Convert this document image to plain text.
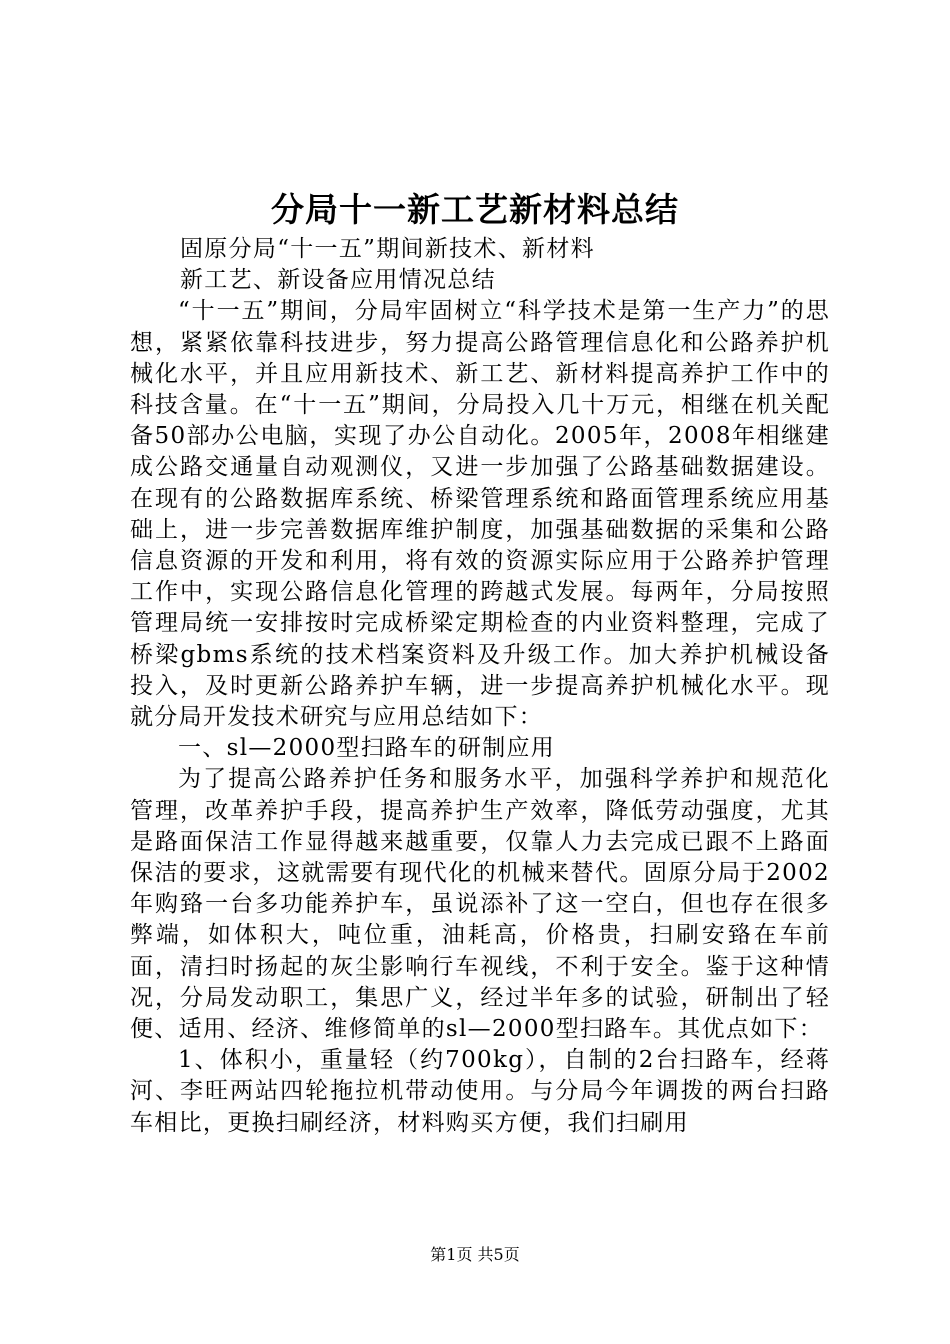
分局十一新工艺新材料总结

固原分局“十一五”期间新技术、新材料

新工艺、新设备应用情况总结

“十一五”期间，分局牢固树立“科学技术是第一生产力”的思想，紧紧依靠科技进步，努力提高公路管理信息化和公路养护机械化水平，并且应用新技术、新工艺、新材料提高养护工作中的科技含量。在“十一五”期间，分局投入几十万元，相继在机关配备50部办公电脑，实现了办公自动化。2005年，2008年相继建成公路交通量自动观测仪，又进一步加强了公路基础数据建设。在现有的公路数据库系统、桥梁管理系统和路面管理系统应用基础上，进一步完善数据库维护制度，加强基础数据的采集和公路信息资源的开发和利用，将有效的资源实际应用于公路养护管理工作中，实现公路信息化管理的跨越式发展。每两年，分局按照管理局统一安排按时完成桥梁定期检查的内业资料整理，完成了桥梁gbms系统的技术档案资料及升级工作。加大养护机械设备投入，及时更新公路养护车辆，进一步提高养护机械化水平。现就分局开发技术研究与应用总结如下：

一、sl—2000型扫路车的研制应用

为了提高公路养护任务和服务水平，加强科学养护和规范化管理，改革养护手段，提高养护生产效率，降低劳动强度，尤其是路面保洁工作显得越来越重要，仅靠人力去完成已跟不上路面保洁的要求，这就需要有现代化的机械来替代。固原分局于2002年购臵一台多功能养护车，虽说添补了这一空白，但也存在很多弊端，如体积大，吨位重，油耗高，价格贵，扫刷安臵在车前面，清扫时扬起的灰尘影响行车视线，不利于安全。鉴于这种情况，分局发动职工，集思广义，经过半年多的试验，研制出了轻便、适用、经济、维修简单的sl—2000型扫路车。其优点如下：

1、体积小，重量轻（约700kg），自制的2台扫路车，经蒋河、李旺两站四轮拖拉机带动使用。与分局今年调拨的两台扫路车相比，更换扫刷经济，材料购买方便，我们扫刷用

第1页 共5页
